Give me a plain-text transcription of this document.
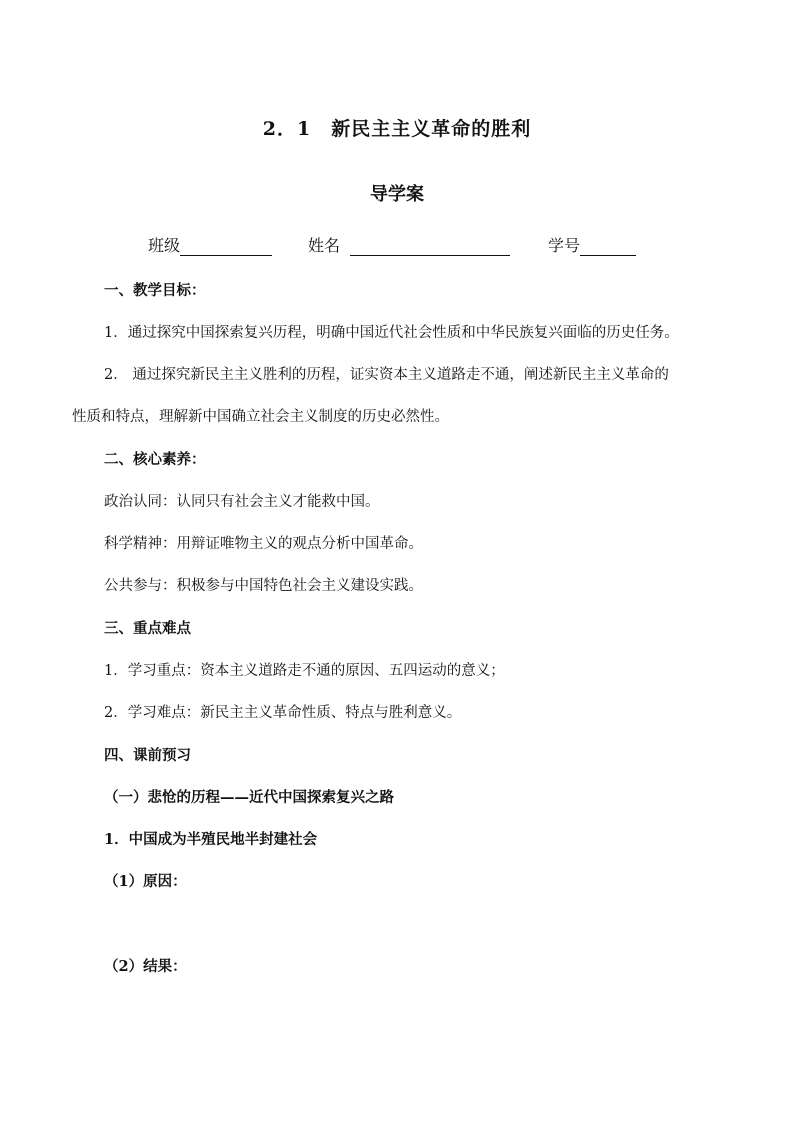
2．1　新民主主义革命的胜利
导学案
班级	姓名	学号
一、教学目标：
1．通过探究中国探索复兴历程，明确中国近代社会性质和中华民族复兴面临的历史任务。
2． 通过探究新民主主义胜利的历程，证实资本主义道路走不通，阐述新民主主义革命的
性质和特点，理解新中国确立社会主义制度的历史必然性。
二、核心素养：
政治认同：认同只有社会主义才能救中国。
科学精神：用辩证唯物主义的观点分析中国革命。
公共参与：积极参与中国特色社会主义建设实践。
三、重点难点
1．学习重点：资本主义道路走不通的原因、五四运动的意义；
2．学习难点：新民主主义革命性质、特点与胜利意义。
四、课前预习
（一）悲怆的历程——近代中国探索复兴之路
1．中国成为半殖民地半封建社会
（1）原因：
（2）结果：
